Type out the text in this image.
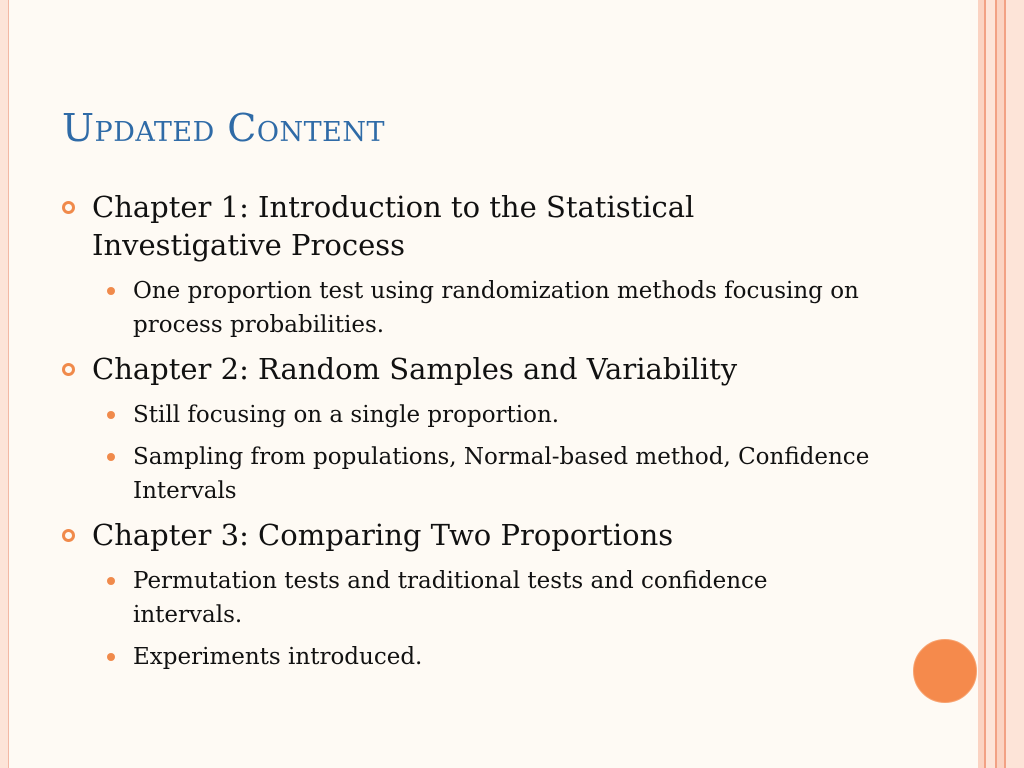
Updated Content
Chapter 1: Introduction to the Statistical Investigative Process
One proportion test using randomization methods focusing on process probabilities.
Chapter 2: Random Samples and Variability
Still focusing on a single proportion.
Sampling from populations, Normal-based method, Confidence Intervals
Chapter 3: Comparing Two Proportions
Permutation tests and traditional tests and confidence intervals.
Experiments introduced.
